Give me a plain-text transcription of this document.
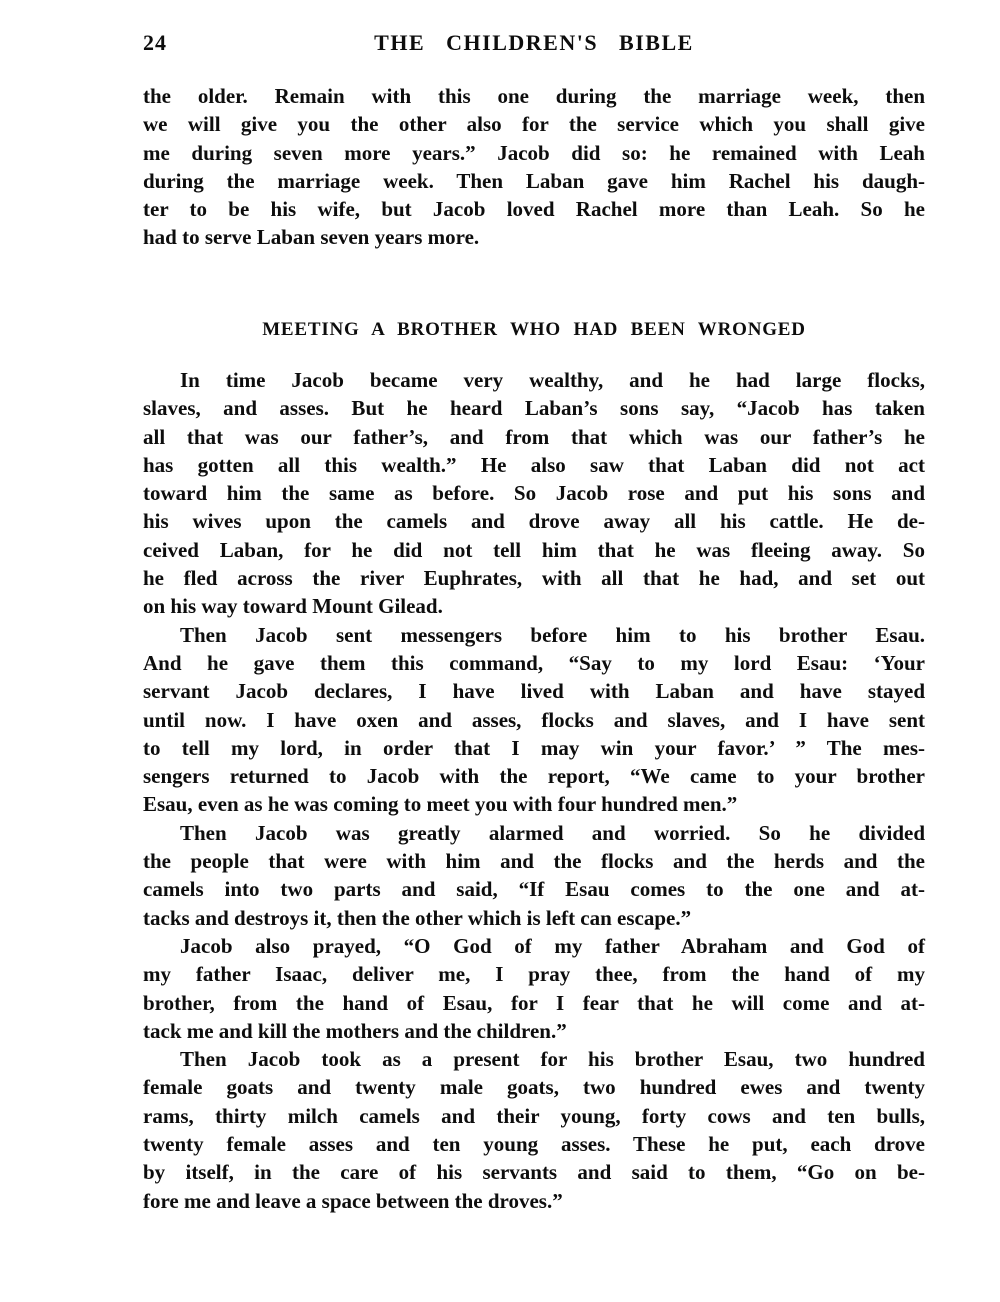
24	THE CHILDREN'S BIBLE
the older. Remain with this one during the marriage week, then
we will give you the other also for the service which you shall give
me during seven more years.” Jacob did so: he remained with Leah
during the marriage week. Then Laban gave him Rachel his daugh-
ter to be his wife, but Jacob loved Rachel more than Leah. So he
had to serve Laban seven years more.
MEETING A BROTHER WHO HAD BEEN WRONGED
In time Jacob became very wealthy, and he had large flocks,
slaves, and asses. But he heard Laban’s sons say, “Jacob has taken
all that was our father’s, and from that which was our father’s he
has gotten all this wealth.” He also saw that Laban did not act
toward him the same as before. So Jacob rose and put his sons and
his wives upon the camels and drove away all his cattle. He de-
ceived Laban, for he did not tell him that he was fleeing away. So
he fled across the river Euphrates, with all that he had, and set out
on his way toward Mount Gilead.
Then Jacob sent messengers before him to his brother Esau.
And he gave them this command, “Say to my lord Esau: ‘Your
servant Jacob declares, I have lived with Laban and have stayed
until now. I have oxen and asses, flocks and slaves, and I have sent
to tell my lord, in order that I may win your favor.’ ” The mes-
sengers returned to Jacob with the report, “We came to your brother
Esau, even as he was coming to meet you with four hundred men.”
Then Jacob was greatly alarmed and worried. So he divided
the people that were with him and the flocks and the herds and the
camels into two parts and said, “If Esau comes to the one and at-
tacks and destroys it, then the other which is left can escape.”
Jacob also prayed, “O God of my father Abraham and God of
my father Isaac, deliver me, I pray thee, from the hand of my
brother, from the hand of Esau, for I fear that he will come and at-
tack me and kill the mothers and the children.”
Then Jacob took as a present for his brother Esau, two hundred
female goats and twenty male goats, two hundred ewes and twenty
rams, thirty milch camels and their young, forty cows and ten bulls,
twenty female asses and ten young asses. These he put, each drove
by itself, in the care of his servants and said to them, “Go on be-
fore me and leave a space between the droves.”
